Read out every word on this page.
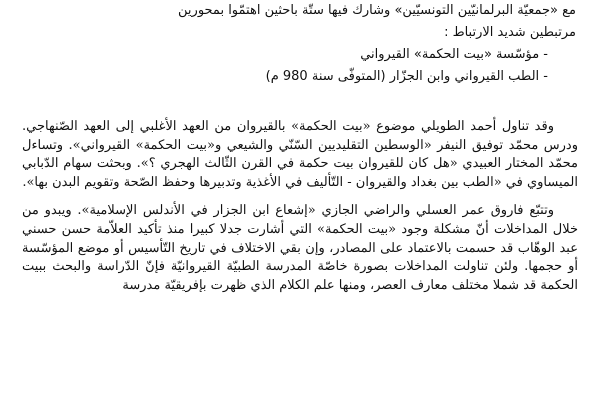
مع «جمعيّة البرلمانيّين التونسيّين» وشارك فيها ستّة باحثين اهتمّوا بمحورين
مرتبطين شديد الارتباط :
- مؤسّسة «بيت الحكمة» القيرواني
- الطب القيرواني وابن الجزّار (المتوفّى سنة 980 م)

وقد تناول أحمد الطويلي موضوع «بيت الحكمة» بالقيروان من العهد الأغلبي إلى العهد الصّنهاجي. ودرس محمّد توفيق النيفر «الوسطين التقليديين السّنّي والشيعي و«بيت الحكمة» القيرواني». وتساءل محمّد المختار العبيدي «هل كان للقيروان بيت حكمة في القرن الثّالث الهجري ؟». وبحثت سهام الدّبابي الميساوي في «الطب بين بغداد والقيروان - التّأليف في الأغذية وتدبيرها وحفظ الصّحة وتقويم البدن بها».

وتتبّع فاروق عمر العسلي والراضي الجازي «إشعاع ابن الجزار في الأندلس الإسلامية». ويبدو من خلال المداخلات أنّ مشكلة وجود «بيت الحكمة» التي أشارت جدلا كبيرا منذ تأكيد العلاّمة حسن حسني عبد الوهّاب قد حسمت بالاعتماد على المصادر، وإن بقي الاختلاف في تاريخ التّأسيس أو موضع المؤسّسة أو حجمها. ولئن تناولت المداخلات بصورة خاصّة المدرسة الطبيّة القيروانيّة فإنّ الدّراسة والبحث ببيت الحكمة قد شملا مختلف معارف العصر، ومنها علم الكلام الذي ظهرت بإفريقيّة مدرسة
